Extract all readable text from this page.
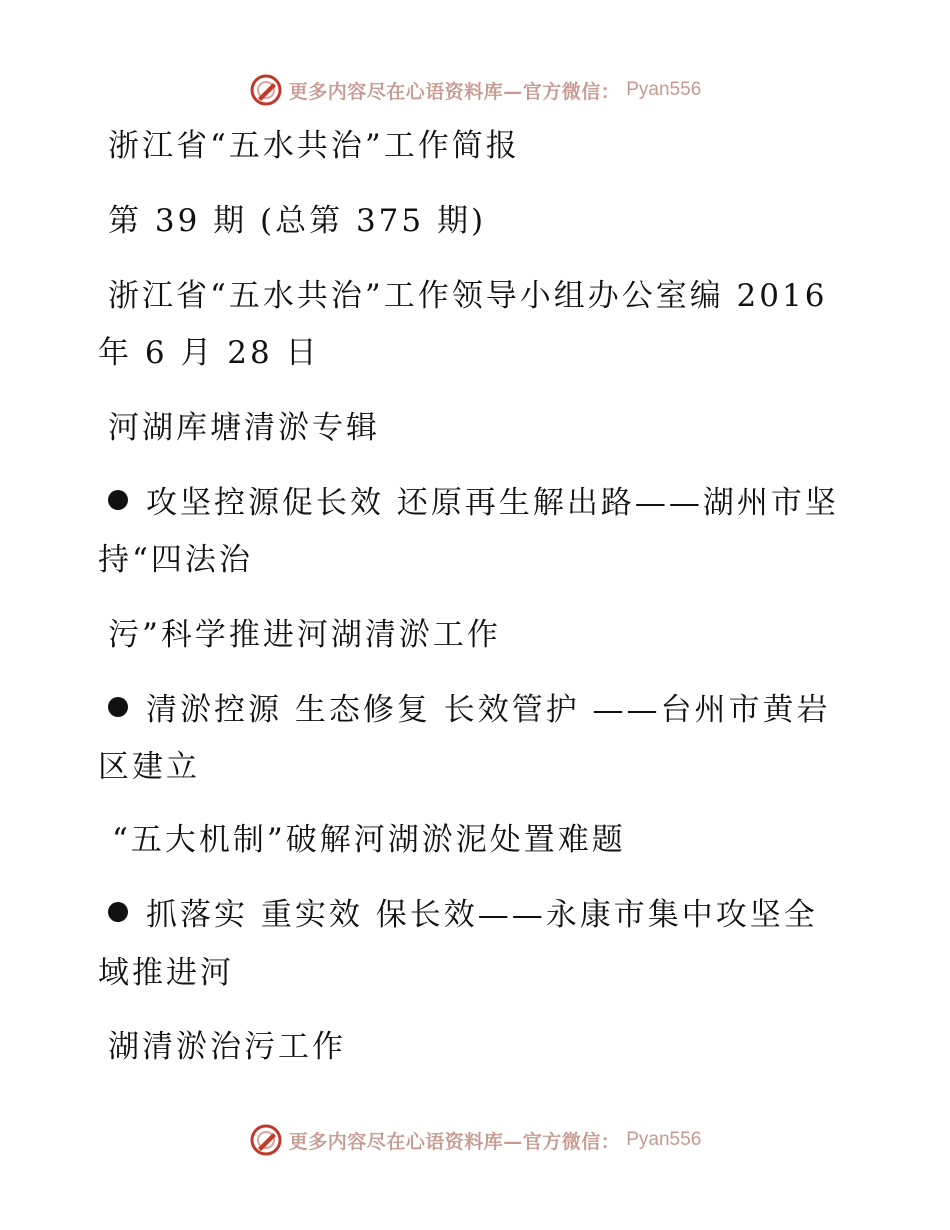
更多内容尽在心语资料库—官方微信： Pyan556
浙江省“五水共治”工作简报
第 39 期 (总第 375 期)
浙江省“五水共治”工作领导小组办公室编 2016
年 6 月 28 日
河湖库塘清淤专辑
攻坚控源促长效 还原再生解出路——湖州市坚
持“四法治
污”科学推进河湖清淤工作
清淤控源 生态修复 长效管护 ——台州市黄岩
区建立
“五大机制”破解河湖淤泥处置难题
抓落实 重实效 保长效——永康市集中攻坚全
域推进河
湖清淤治污工作
更多内容尽在心语资料库—官方微信： Pyan556
